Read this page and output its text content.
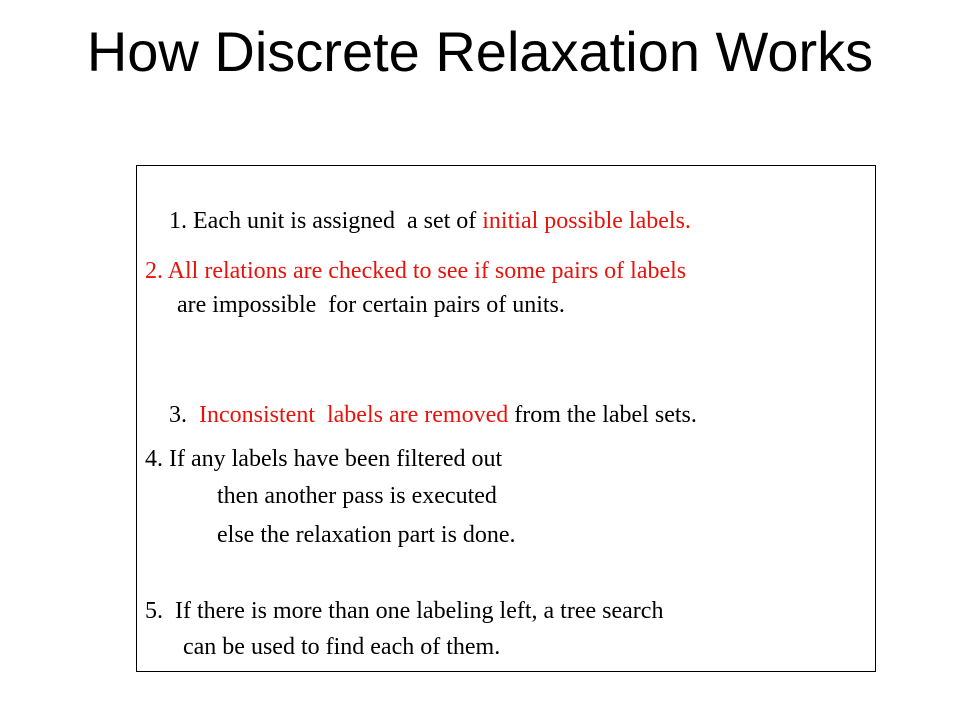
How Discrete Relaxation Works

1. Each unit is assigned  a set of initial possible labels.

2. All relations are checked to see if some pairs of labels
are impossible  for certain pairs of units.

3.  Inconsistent  labels are removed from the label sets.

4. If any labels have been filtered out
then another pass is executed
else the relaxation part is done.
5.  If there is more than one labeling left, a tree search
can be used to find each of them.
